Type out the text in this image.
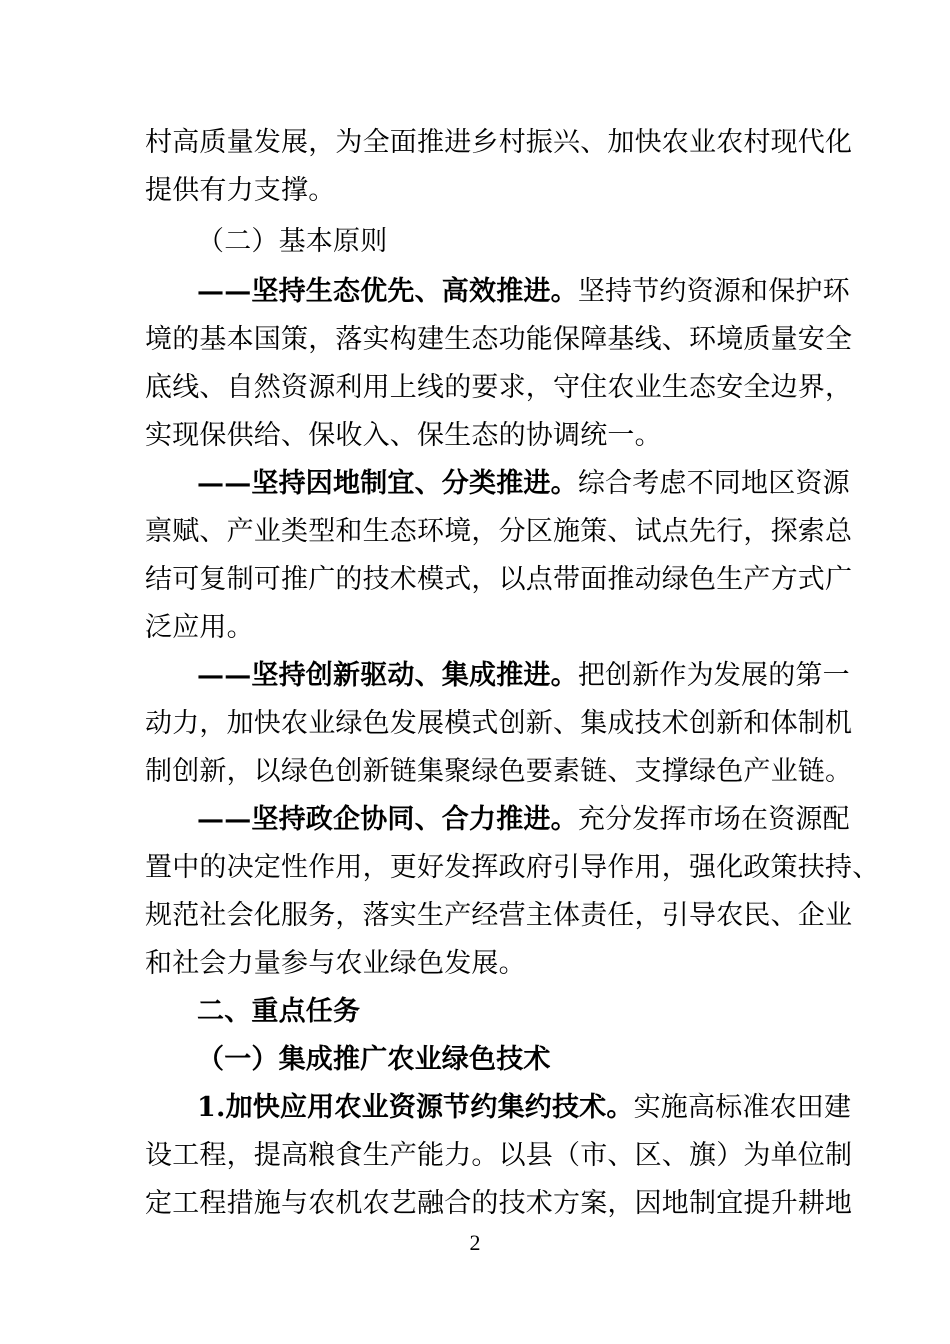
村高质量发展，为全面推进乡村振兴、加快农业农村现代化
提供有力支撑。
（二）基本原则
——坚持生态优先、高效推进。坚持节约资源和保护环
境的基本国策，落实构建生态功能保障基线、环境质量安全
底线、自然资源利用上线的要求，守住农业生态安全边界，
实现保供给、保收入、保生态的协调统一。
——坚持因地制宜、分类推进。综合考虑不同地区资源
禀赋、产业类型和生态环境，分区施策、试点先行，探索总
结可复制可推广的技术模式，以点带面推动绿色生产方式广
泛应用。
——坚持创新驱动、集成推进。把创新作为发展的第一
动力，加快农业绿色发展模式创新、集成技术创新和体制机
制创新，以绿色创新链集聚绿色要素链、支撑绿色产业链。
——坚持政企协同、合力推进。充分发挥市场在资源配
置中的决定性作用，更好发挥政府引导作用，强化政策扶持、
规范社会化服务，落实生产经营主体责任，引导农民、企业
和社会力量参与农业绿色发展。
二、重点任务
（一）集成推广农业绿色技术
1.加快应用农业资源节约集约技术。实施高标准农田建
设工程，提高粮食生产能力。以县（市、区、旗）为单位制
定工程措施与农机农艺融合的技术方案，因地制宜提升耕地
2
